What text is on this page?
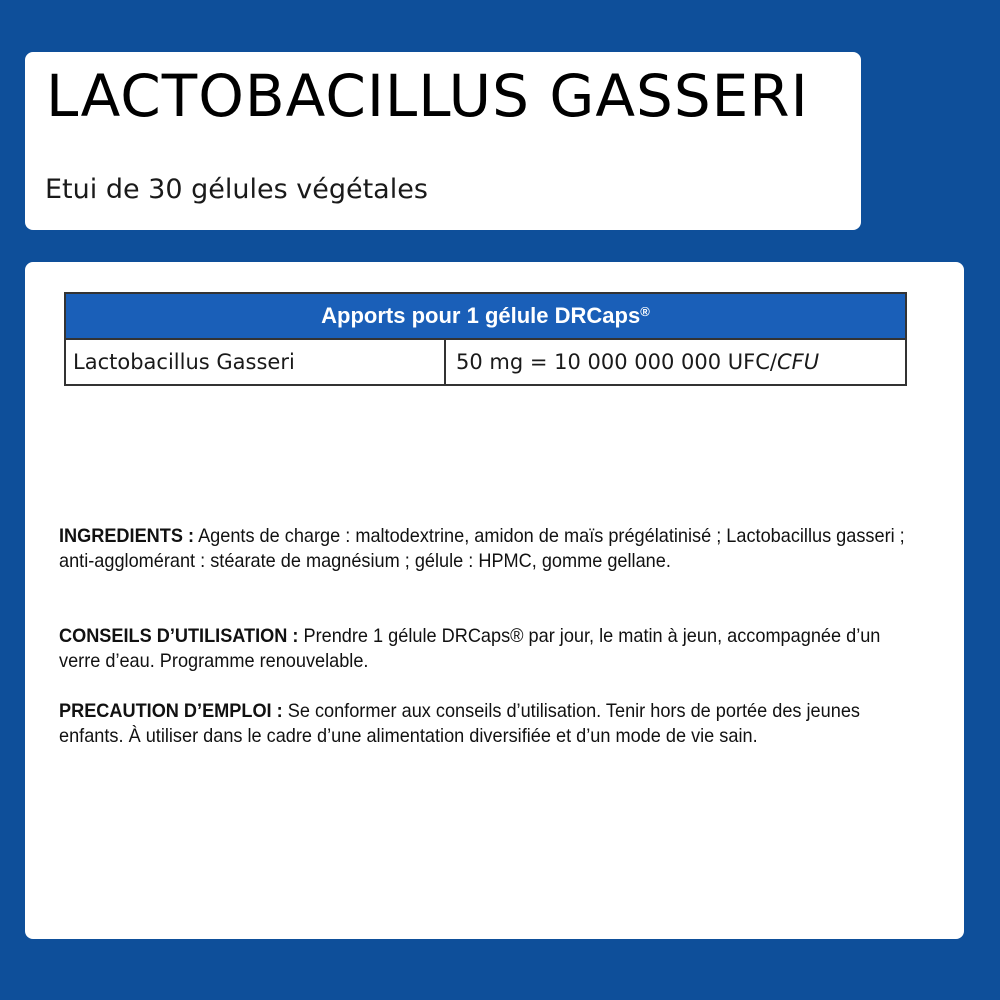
LACTOBACILLUS GASSERI

Etui de 30 gélules végétales

Apports pour 1 gélule DRCaps®
Lactobacillus Gasseri	50 mg = 10 000 000 000 UFC/CFU

INGREDIENTS : Agents de charge : maltodextrine, amidon de maïs prégélatinisé ; Lactobacillus gasseri ; anti-agglomérant : stéarate de magnésium ; gélule : HPMC, gomme gellane.

CONSEILS D’UTILISATION : Prendre 1 gélule DRCaps® par jour, le matin à jeun, accompagnée d’un verre d’eau. Programme renouvelable.

PRECAUTION D’EMPLOI : Se conformer aux conseils d’utilisation. Tenir hors de portée des jeunes enfants. À utiliser dans le cadre d’une alimentation diversifiée et d’un mode de vie sain.
